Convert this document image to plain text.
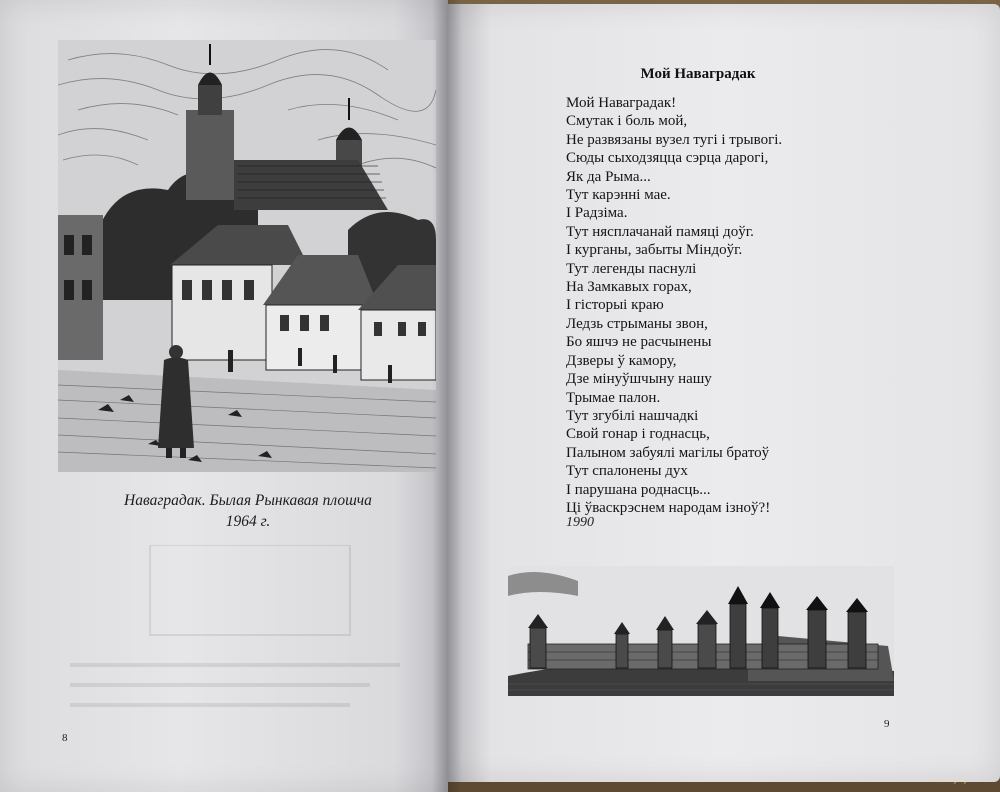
Наваградак. Былая Рынкавая плошча
1964 г.
8
Мой Наваградак
Мой Наваградак!
Смутак і боль мой,
Не развязаны вузел тугі і трывогі.
Сюды сыходзяцца сэрца дарогі,
Як да Рыма...
Тут карэнні мае.
І Радзіма.
Тут нясплачанай памяці доўг.
І курганы, забыты Міндоўг.
Тут легенды паснулі
На Замкавых горах,
І гісторыі краю
Ледзь стрыманы звон,
Бо яшчэ не расчынены
Дзверы ў камору,
Дзе мінуўшчыну нашу
Трымае палон.
Тут згубілі нашчадкі
Свой гонар і годнасць,
Палыном забуялі магілы братоў
Тут спалонены дух
І парушана роднасць...
Ці ўваскрэснем народам ізноў?!
1990
9
www.ay.by
